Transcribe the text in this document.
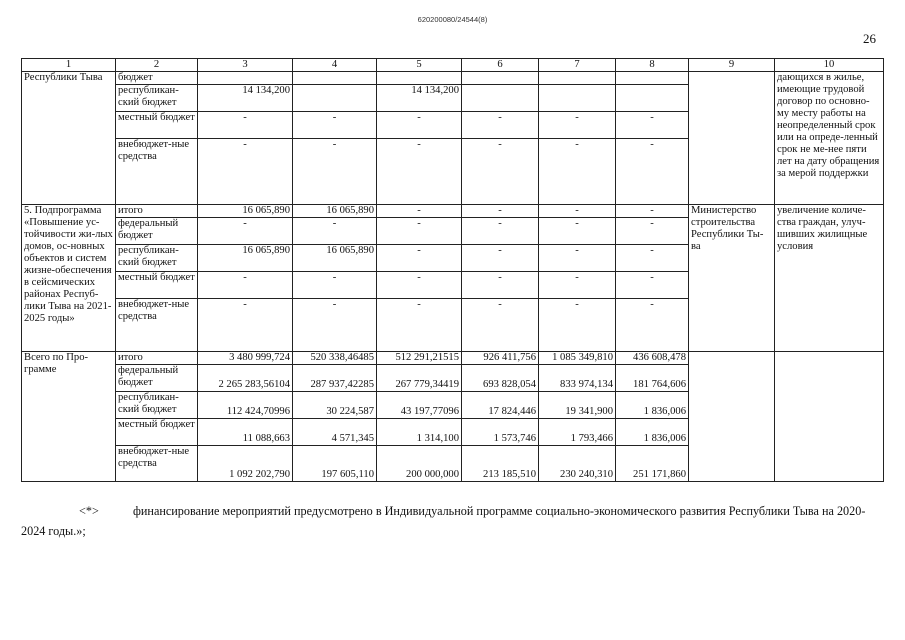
620200080/24544(8)
26
1	2	3	4	5	6	7	8	9	10
Республики Тыва	бюджет								дающихся в жилье, имеющие трудовой договор по основно-му месту работы на неопределенный срок или на опреде-ленный срок не ме-нее пяти лет на дату обращения за мерой поддержки
	республикан-ский бюджет	14 134,200		14 134,200					
	местный бюджет	-	-	-	-	-	-		
	внебюджет-ные средства	-	-	-	-	-	-		
5. Подпрограмма «Повышение ус-тойчивости жи-лых домов, ос-новных объектов и систем жизне-обеспечения в сейсмических районах Респуб-лики Тыва на 2021-2025 годы»	итого	16 065,890	16 065,890	-	-	-	-	Министерство строительства Республики Ты-ва	увеличение количе-ства граждан, улуч-шивших жилищные условия
	федеральный бюджет	-	-	-	-	-	-		
	республикан-ский бюджет	16 065,890	16 065,890	-	-	-	-		
	местный бюджет	-	-	-	-	-	-		
	внебюджет-ные средства	-	-	-	-	-	-		
Всего по Про-грамме	итого	3 480 999,724	520 338,46485	512 291,21515	926 411,756	1 085 349,810	436 608,478		
	федеральный бюджет	2 265 283,56104	287 937,42285	267 779,34419	693 828,054	833 974,134	181 764,606		
	республикан-ский бюджет	112 424,70996	30 224,587	43 197,77096	17 824,446	19 341,900	1 836,006		
	местный бюджет	11 088,663	4 571,345	1 314,100	1 573,746	1 793,466	1 836,006		
	внебюджет-ные средства	1 092 202,790	197 605,110	200 000,000	213 185,510	230 240,310	251 171,860		
<*>	финансирование мероприятий предусмотрено в Индивидуальной программе социально-экономического развития Республики Тыва на 2020-2024 годы.»;
